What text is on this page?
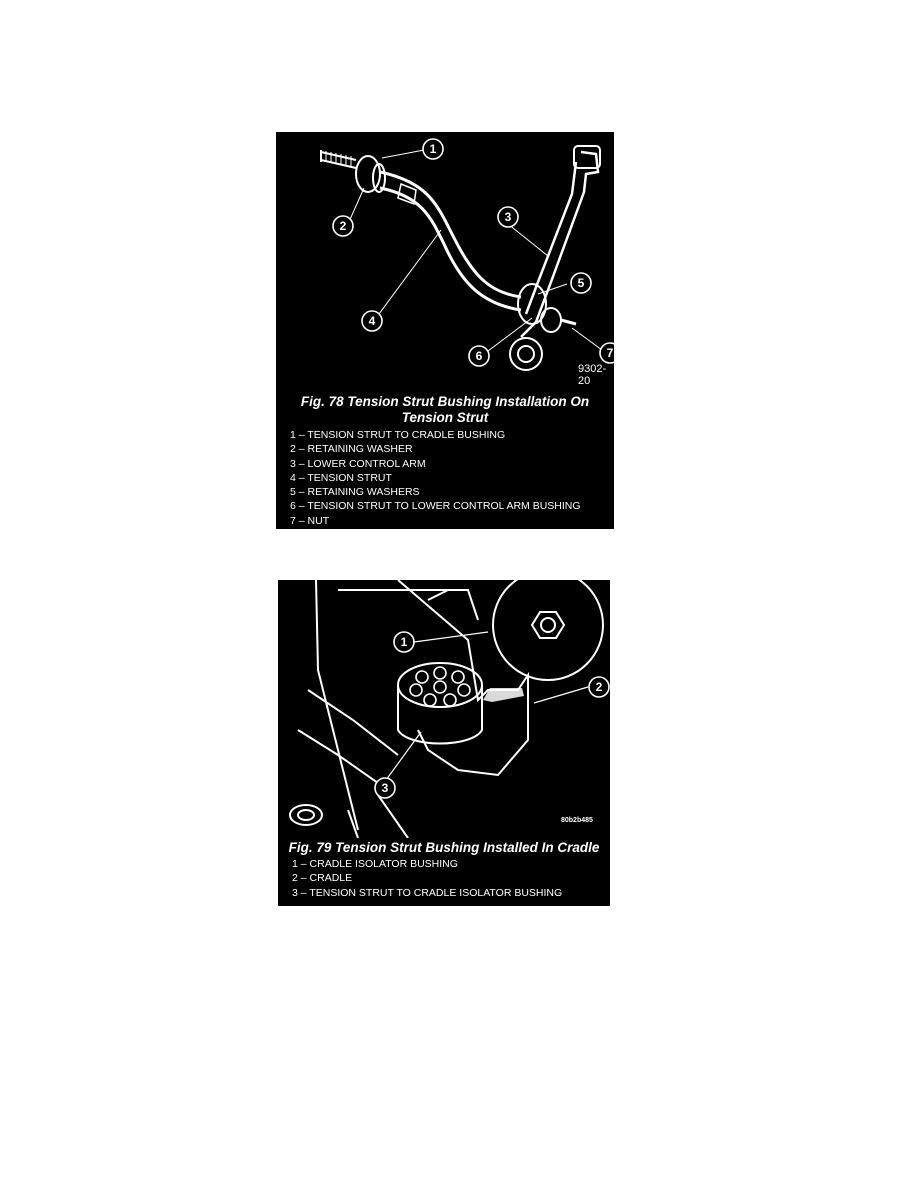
1
2
3
4
5
6	7
9302-20
Fig. 78 Tension Strut Bushing Installation On
Tension Strut
1 – TENSION STRUT TO CRADLE BUSHING
2 – RETAINING WASHER
3 – LOWER CONTROL ARM
4 – TENSION STRUT
5 – RETAINING WASHERS
6 – TENSION STRUT TO LOWER CONTROL ARM BUSHING
7 – NUT
1
2
3
80b2b485
Fig. 79 Tension Strut Bushing Installed In Cradle
1 – CRADLE ISOLATOR BUSHING
2 – CRADLE
3 – TENSION STRUT TO CRADLE ISOLATOR BUSHING
